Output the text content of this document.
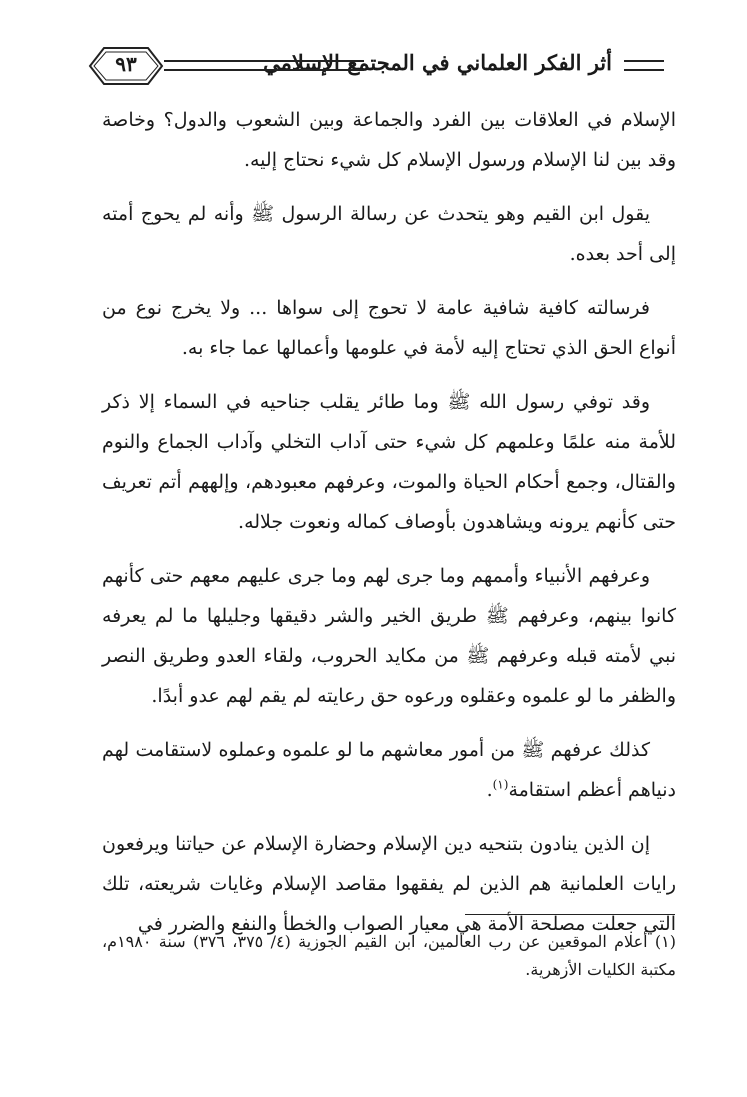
أثر الفكر العلماني في المجتمع الإسلامي
٩٣

الإسلام في العلاقات بين الفرد والجماعة وبين الشعوب والدول؟ وخاصة وقد بين لنا الإسلام ورسول الإسلام كل شيء نحتاج إليه.

يقول ابن القيم وهو يتحدث عن رسالة الرسول ﷺ وأنه لم يحوج أمته إلى أحد بعده.

فرسالته كافية شافية عامة لا تحوج إلى سواها ... ولا يخرج نوع من أنواع الحق الذي تحتاج إليه لأمة في علومها وأعمالها عما جاء به.

وقد توفي رسول الله ﷺ وما طائر يقلب جناحيه في السماء إلا ذكر للأمة منه علمًا وعلمهم كل شيء حتى آداب التخلي وآداب الجماع والنوم والقتال، وجمع أحكام الحياة والموت، وعرفهم معبودهم، وإلههم أتم تعريف حتى كأنهم يرونه ويشاهدون بأوصاف كماله ونعوت جلاله.

وعرفهم الأنبياء وأممهم وما جرى لهم وما جرى عليهم معهم حتى كأنهم كانوا بينهم، وعرفهم ﷺ طريق الخير والشر دقيقها وجليلها ما لم يعرفه نبي لأمته قبله وعرفهم ﷺ من مكايد الحروب، ولقاء العدو وطريق النصر والظفر ما لو علموه وعقلوه ورعوه حق رعايته لم يقم لهم عدو أبدًا.

كذلك عرفهم ﷺ من أمور معاشهم ما لو علموه وعملوه لاستقامت لهم دنياهم أعظم استقامة$^{(١)}$.

إن الذين ينادون بتنحيه دين الإسلام وحضارة الإسلام عن حياتنا ويرفعون رايات العلمانية هم الذين لم يفقهوا مقاصد الإسلام وغايات شريعته، تلك التي جعلت مصلحة الأمة هي معيار الصواب والخطأ والنفع والضرر في

(١) أعلام الموقعين عن رب العالمين، ابن القيم الجوزية (٤/ ٣٧٥، ٣٧٦) سنة ١٩٨٠م، مكتبة الكليات الأزهرية.
